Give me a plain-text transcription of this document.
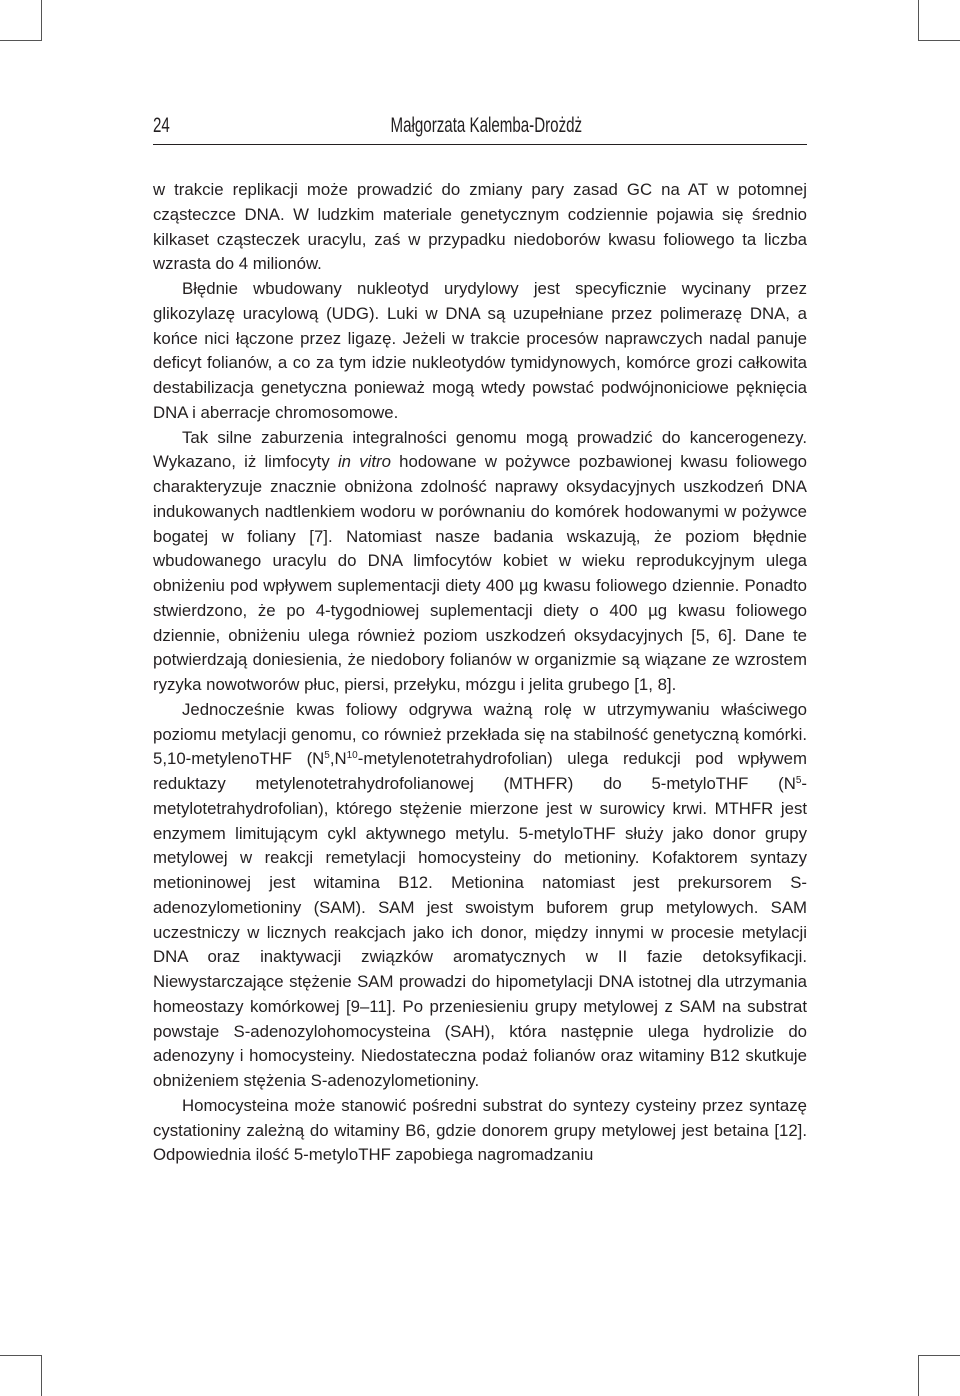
24	Małgorzata Kalemba-Drożdż

w trakcie replikacji może prowadzić do zmiany pary zasad GC na AT w potomnej cząsteczce DNA. W ludzkim materiale genetycznym codziennie pojawia się średnio kilkaset cząsteczek uracylu, zaś w przypadku niedoborów kwasu foliowego ta liczba wzrasta do 4 milionów.

Błędnie wbudowany nukleotyd urydylowy jest specyficznie wycinany przez glikozylazę uracylową (UDG). Luki w DNA są uzupełniane przez polimerazę DNA, a końce nici łączone przez ligazę. Jeżeli w trakcie procesów naprawczych nadal panuje deficyt folianów, a co za tym idzie nukleotydów tymidynowych, komórce grozi całkowita destabilizacja genetyczna ponieważ mogą wtedy powstać podwójnoniciowe pęknięcia DNA i aberracje chromosomowe.

Tak silne zaburzenia integralności genomu mogą prowadzić do kancerogenezy. Wykazano, iż limfocyty in vitro hodowane w pożywce pozbawionej kwasu foliowego charakteryzuje znacznie obniżona zdolność naprawy oksydacyjnych uszkodzeń DNA indukowanych nadtlenkiem wodoru w porównaniu do komórek hodowanymi w pożywce bogatej w foliany [7]. Natomiast nasze badania wskazują, że poziom błędnie wbudowanego uracylu do DNA limfocytów kobiet w wieku reprodukcyjnym ulega obniżeniu pod wpływem suplementacji diety 400 µg kwasu foliowego dziennie. Ponadto stwierdzono, że po 4-tygodniowej suplementacji diety o 400 µg kwasu foliowego dziennie, obniżeniu ulega również poziom uszkodzeń oksydacyjnych [5, 6]. Dane te potwierdzają doniesienia, że niedobory folianów w organizmie są wiązane ze wzrostem ryzyka nowotworów płuc, piersi, przełyku, mózgu i jelita grubego [1, 8].

Jednocześnie kwas foliowy odgrywa ważną rolę w utrzymywaniu właściwego poziomu metylacji genomu, co również przekłada się na stabilność genetyczną komórki. 5,10-metylenoTHF $(N^5,N^{10}-metylenotetrahydrofolian)$ ulega redukcji pod wpływem reduktazy metylenotetrahydrofolianowej (MTHFR) do 5-metyloTHF $(N^5-metylotetrahydrofolian)$, którego stężenie mierzone jest w surowicy krwi. MTHFR jest enzymem limitującym cykl aktywnego metylu. 5-metyloTHF służy jako donor grupy metylowej w reakcji remetylacji homocysteiny do metioniny. Kofaktorem syntazy metioninowej jest witamina B12. Metionina natomiast jest prekursorem S-adenozylometioniny (SAM). SAM jest swoistym buforem grup metylowych. SAM uczestniczy w licznych reakcjach jako ich donor, między innymi w procesie metylacji DNA oraz inaktywacji związków aromatycznych w II fazie detoksyfikacji. Niewystarczające stężenie SAM prowadzi do hipometylacji DNA istotnej dla utrzymania homeostazy komórkowej [9–11]. Po przeniesieniu grupy metylowej z SAM na substrat powstaje S-adenozylohomocysteina (SAH), która następnie ulega hydrolizie do adenozyny i homocysteiny. Niedostateczna podaż folianów oraz witaminy B12 skutkuje obniżeniem stężenia S-adenozylometioniny.

Homocysteina może stanowić pośredni substrat do syntezy cysteiny przez syntazę cystationiny zależną do witaminy B6, gdzie donorem grupy metylowej jest betaina [12]. Odpowiednia ilość 5-metyloTHF zapobiega nagromadzaniu
